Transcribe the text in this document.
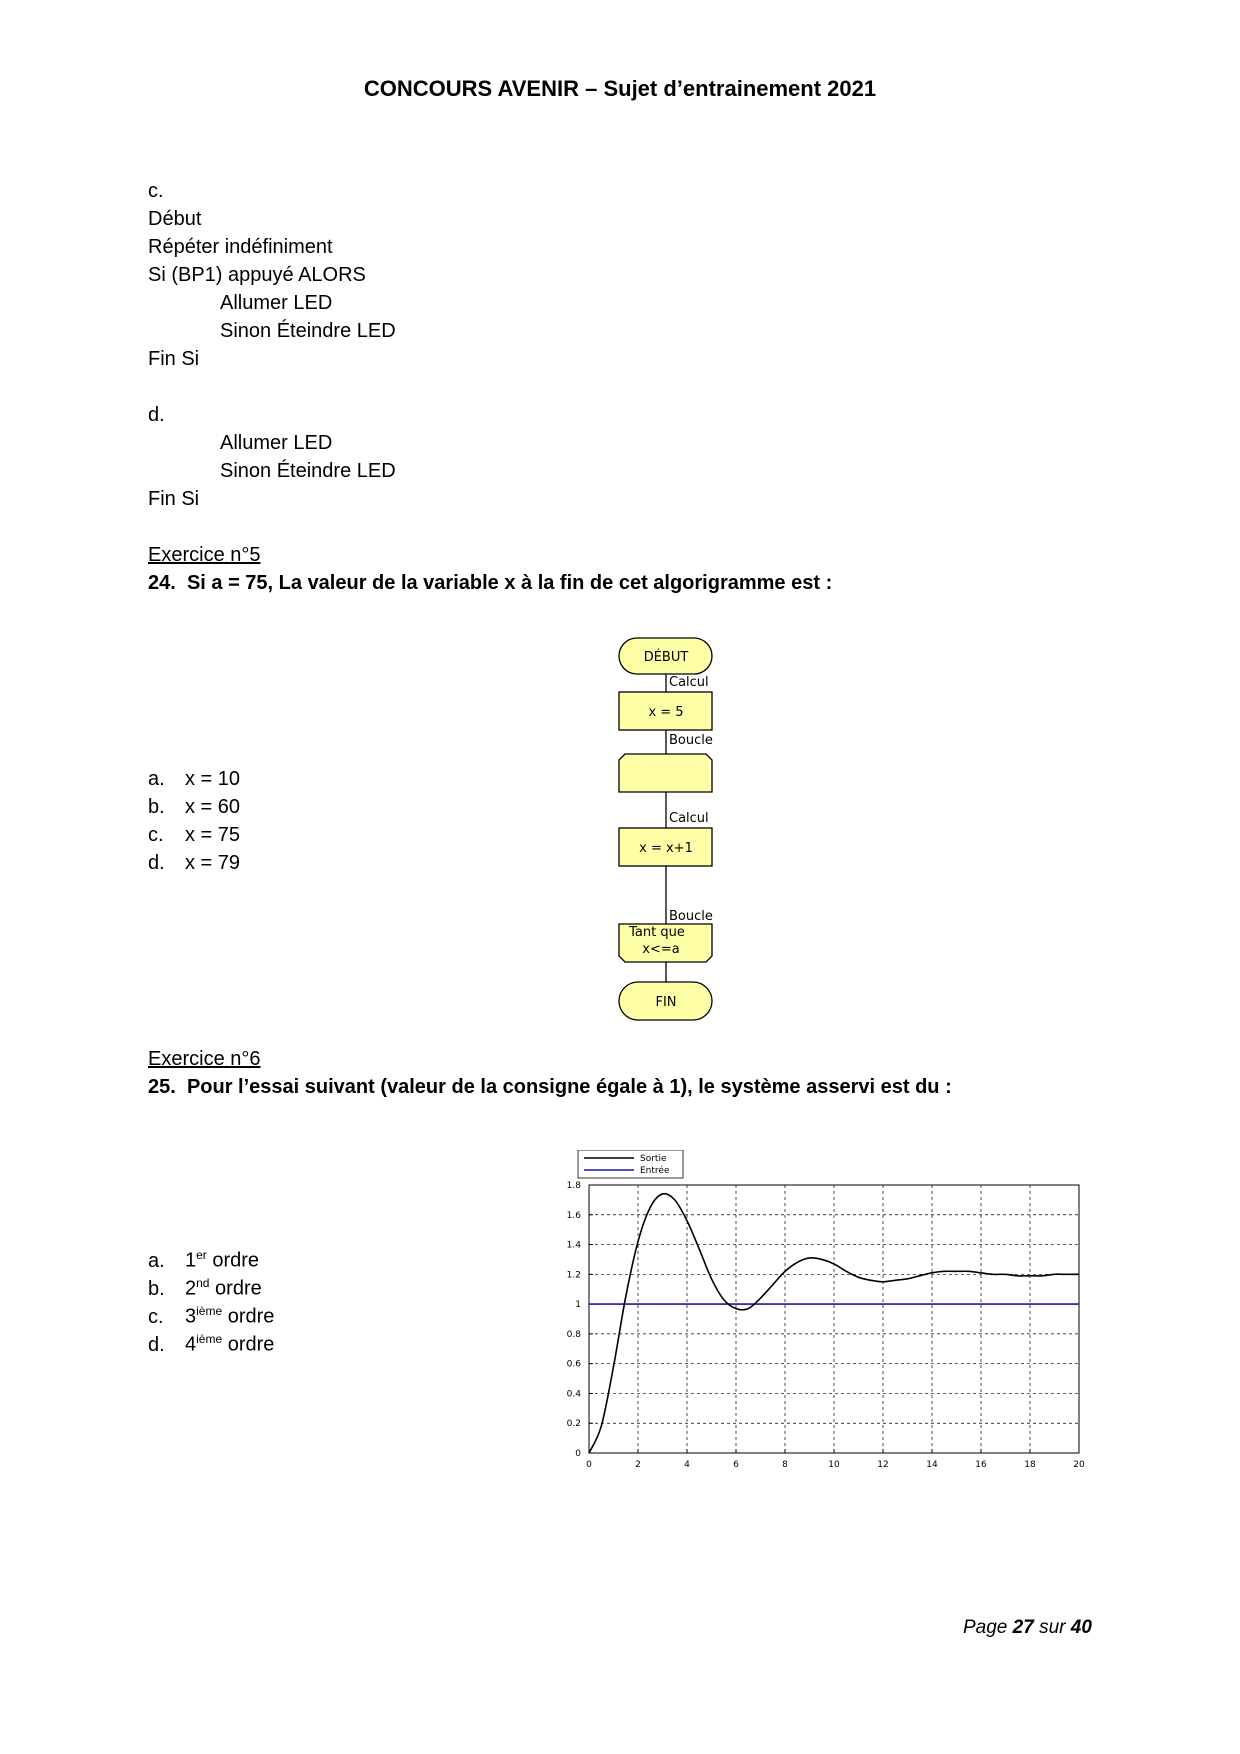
CONCOURS AVENIR – Sujet d’entrainement 2021
c.
Début
Répéter indéfiniment
Si (BP1) appuyé ALORS
Allumer LED
Sinon Éteindre LED
Fin Si
d.
Allumer LED
Sinon Éteindre LED
Fin Si
Exercice n°5
24. Si a = 75, La valeur de la variable x à la fin de cet algorigramme est :
a. x = 10
b. x = 60
c. x = 75
d. x = 79
DÉBUT
Calcul
x = 5
Boucle
Calcul
x = x+1
Boucle
Tant que
x<=a
FIN
Exercice n°6
25. Pour l’essai suivant (valeur de la consigne égale à 1), le système asservi est du :
a. 1er ordre
b. 2nd ordre
c. 3ième ordre
d. 4ième ordre
0	2	4	6	8	10	12	14	16	18	20
0
0.2
0.4
0.6
0.8
1
1.2
1.4
1.6
1.8
Sortie
Entrée
Page 27 sur 40
